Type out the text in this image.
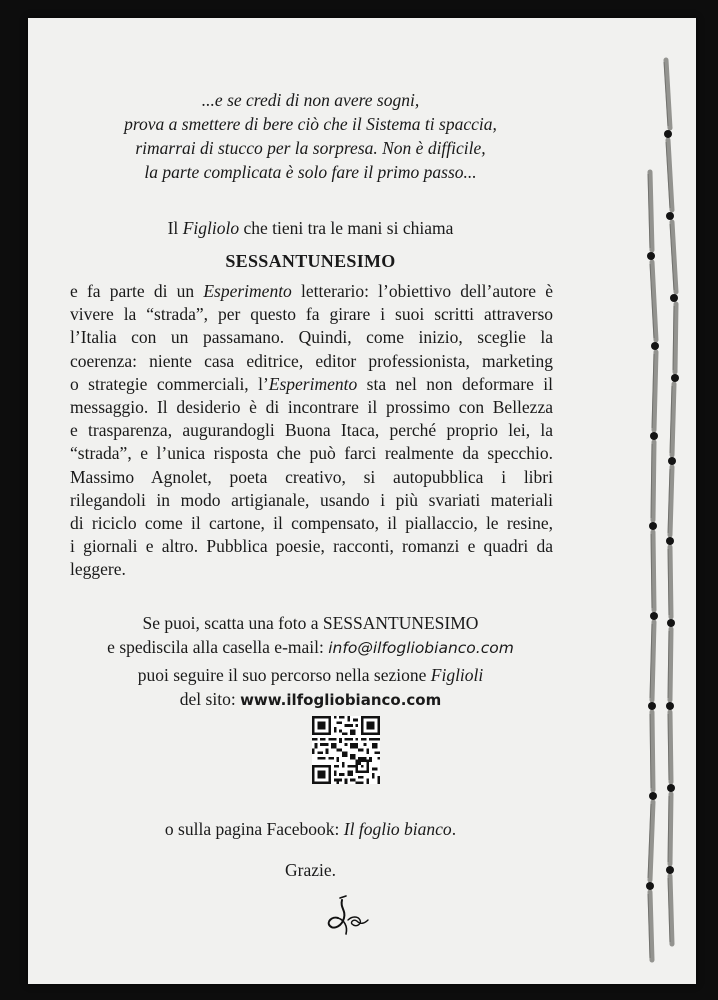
...e se credi di non avere sogni,
prova a smettere di bere ciò che il Sistema ti spaccia,
rimarrai di stucco per la sorpresa. Non è difficile,
la parte complicata è solo fare il primo passo...
Il Figliolo che tieni tra le mani si chiama
SESSANTUNESIMO
e fa parte di un Esperimento letterario: l’obiettivo dell’autore è
vivere la “strada”, per questo fa girare i suoi scritti attraverso
l’Italia con un passamano. Quindi, come inizio, sceglie la
coerenza: niente casa editrice, editor professionista, marketing
o strategie commerciali, l’Esperimento sta nel non deformare il
messaggio. Il desiderio è di incontrare il prossimo con Bellezza
e trasparenza, augurandogli Buona Itaca, perché proprio lei, la
“strada”, e l’unica risposta che può farci realmente da specchio.
Massimo Agnolet, poeta creativo, si autopubblica i libri
rilegandoli in modo artigianale, usando i più svariati materiali
di riciclo come il cartone, il compensato, il piallaccio, le resine,
i giornali e altro. Pubblica poesie, racconti, romanzi e quadri da
leggere.
Se puoi, scatta una foto a SESSANTUNESIMO
e spediscila alla casella e-mail: info@ilfogliobianco.com
puoi seguire il suo percorso nella sezione Figlioli
del sito: www.ilfogliobianco.com
o sulla pagina Facebook: Il foglio bianco.
Grazie.
